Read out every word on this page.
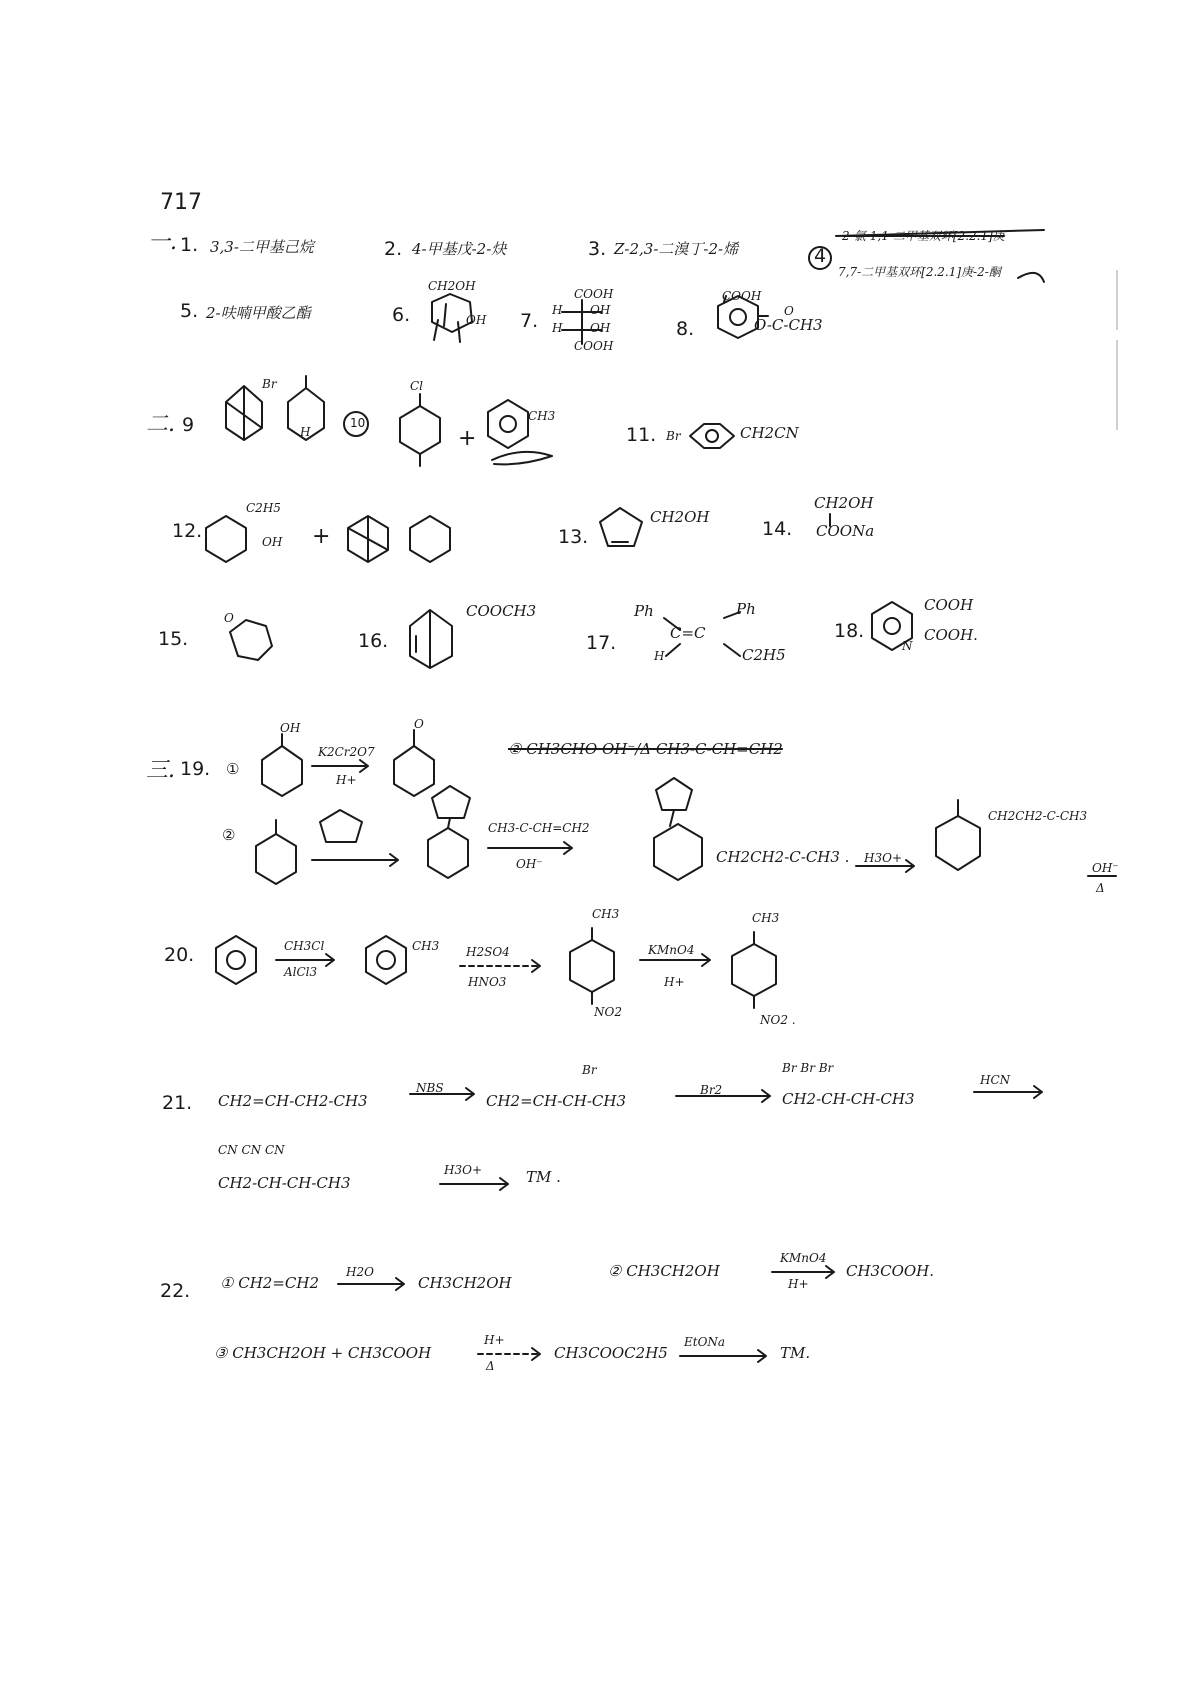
717
一. 1. 3,3-二甲基己烷	2. 4-甲基戊-2-炔	3. Z-2,3-二溴丁-2-烯	4
2-氯-1,1-二甲基双环[2.2.1]庚
7,7-二甲基双环[2.2.1]庚-2-酮
5. 2-呋喃甲酸乙酯	6.
CH2OH
OH 7.
COOH
H OH
H OH
COOH
8.
COOH
O
O-C-CH3
二. 9
Br
H
10
Cl
+
CH3
11. Br	CH2CN
12.
C2H5
OH +	13.
CH2OH
14.
CH2OH
COONa
15.
O
16.
COOCH3
17.
Ph	Ph
C=C
H	C2H5
18.
COOH
COOH.
N
三. 19. ①
OH
K2Cr2O7
H+
O
② CH3CHO OH⁻/Δ CH3-C-CH=CH2
②	CH3-C-CH=CH2
OH⁻	CH2CH2-C-CH3 . H3O+
CH2CH2-C-CH3
OH⁻
Δ
20.	CH3Cl
AlCl3
CH3 H2SO4
HNO3
CH3
NO2
KMnO4
H+
CH3
NO2 .
21. CH2=CH-CH2-CH3
NBS
Br
CH2=CH-CH-CH3
Br2
Br Br Br
CH2-CH-CH-CH3
HCN
CN CN CN
CH2-CH-CH-CH3
H3O+	TM .
22. ① CH2=CH2
H2O
CH3CH2OH
② CH3CH2OH
KMnO4
H+
CH3COOH.
③ CH3CH2OH + CH3COOH
H+
Δ
CH3COOC2H5
EtONa
TM.
